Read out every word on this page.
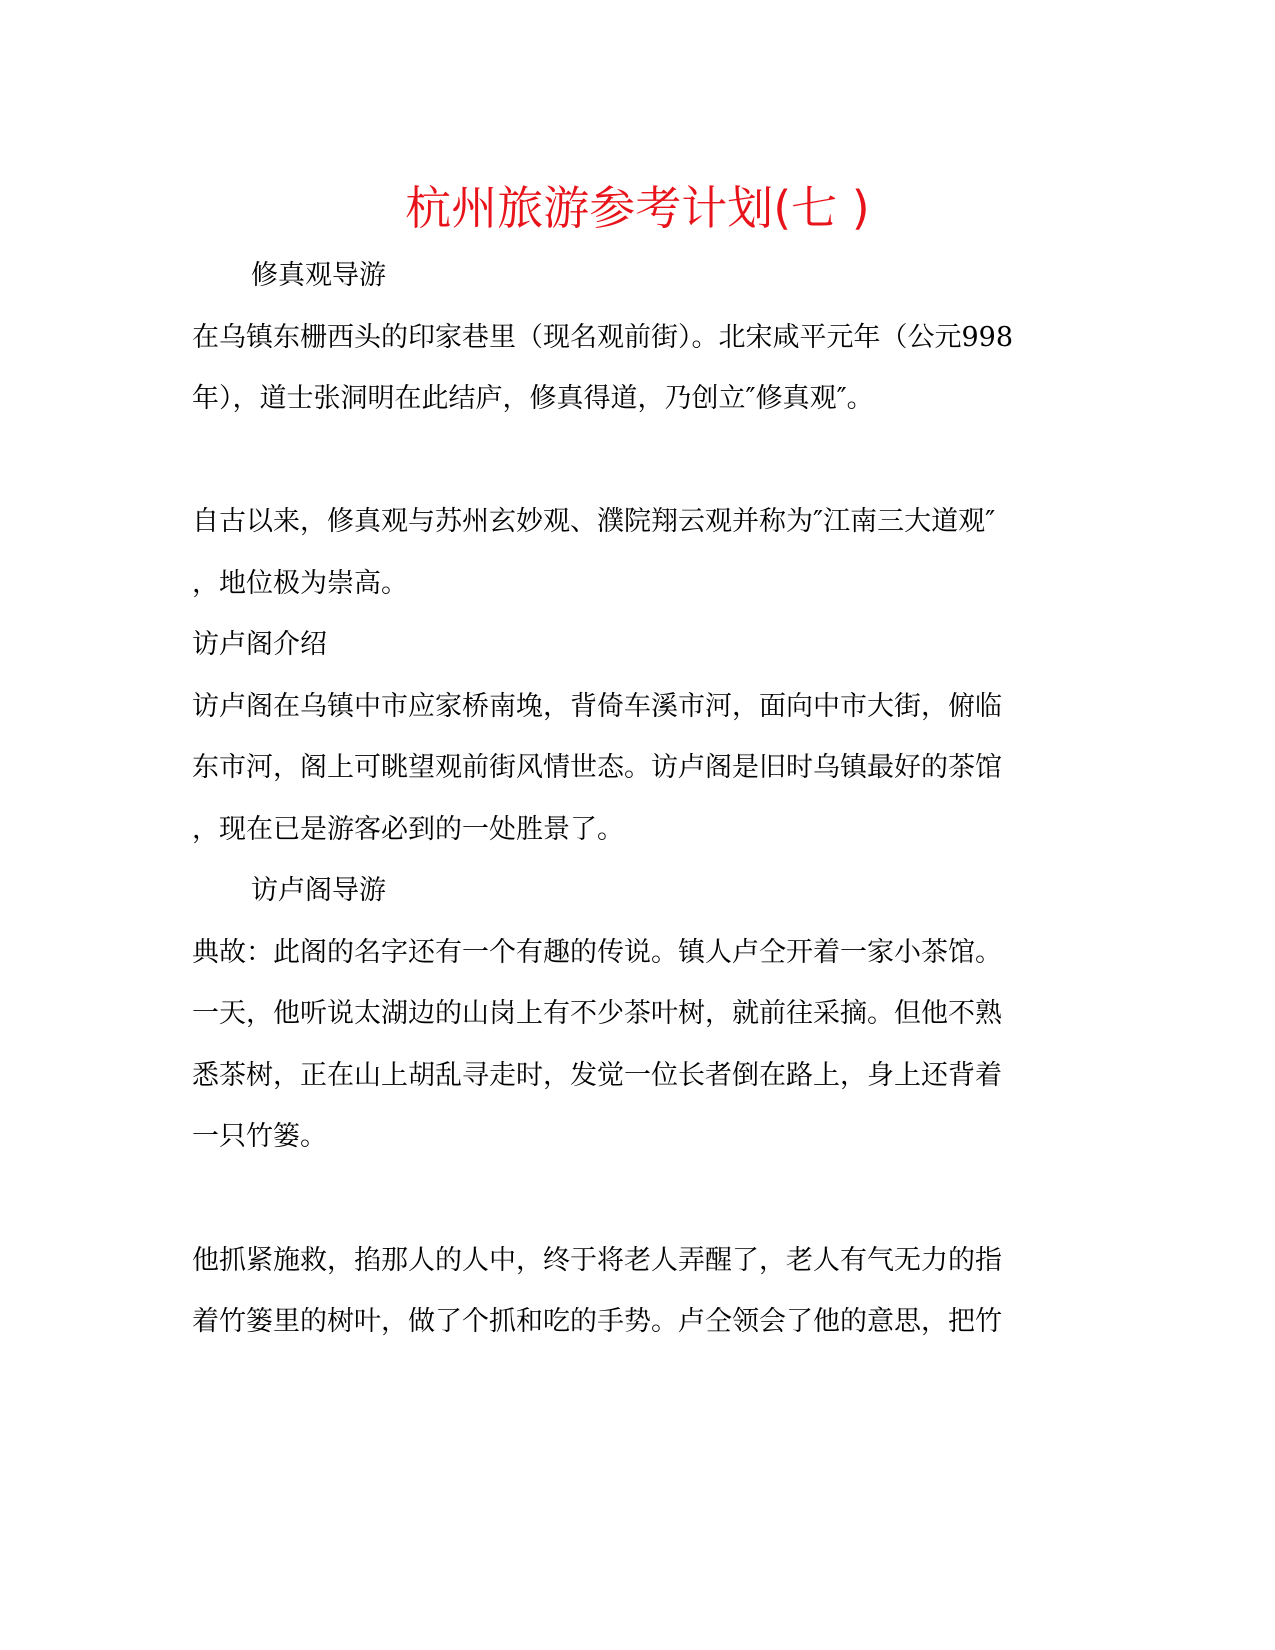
杭州旅游参考计划(七 )
修真观导游
在乌镇东栅西头的印家巷里（现名观前街）。北宋咸平元年（公元998
年），道士张洞明在此结庐，修真得道，乃创立″修真观″。
自古以来，修真观与苏州玄妙观、濮院翔云观并称为″江南三大道观″
，地位极为崇高。
访卢阁介绍
访卢阁在乌镇中市应家桥南堍，背倚车溪市河，面向中市大街，俯临
东市河，阁上可眺望观前街风情世态。访卢阁是旧时乌镇最好的茶馆
，现在已是游客必到的一处胜景了。
访卢阁导游
典故：此阁的名字还有一个有趣的传说。镇人卢仝开着一家小茶馆。
一天，他听说太湖边的山岗上有不少茶叶树，就前往采摘。但他不熟
悉茶树，正在山上胡乱寻走时，发觉一位长者倒在路上，身上还背着
一只竹篓。
他抓紧施救，掐那人的人中，终于将老人弄醒了，老人有气无力的指
着竹篓里的树叶，做了个抓和吃的手势。卢仝领会了他的意思，把竹
